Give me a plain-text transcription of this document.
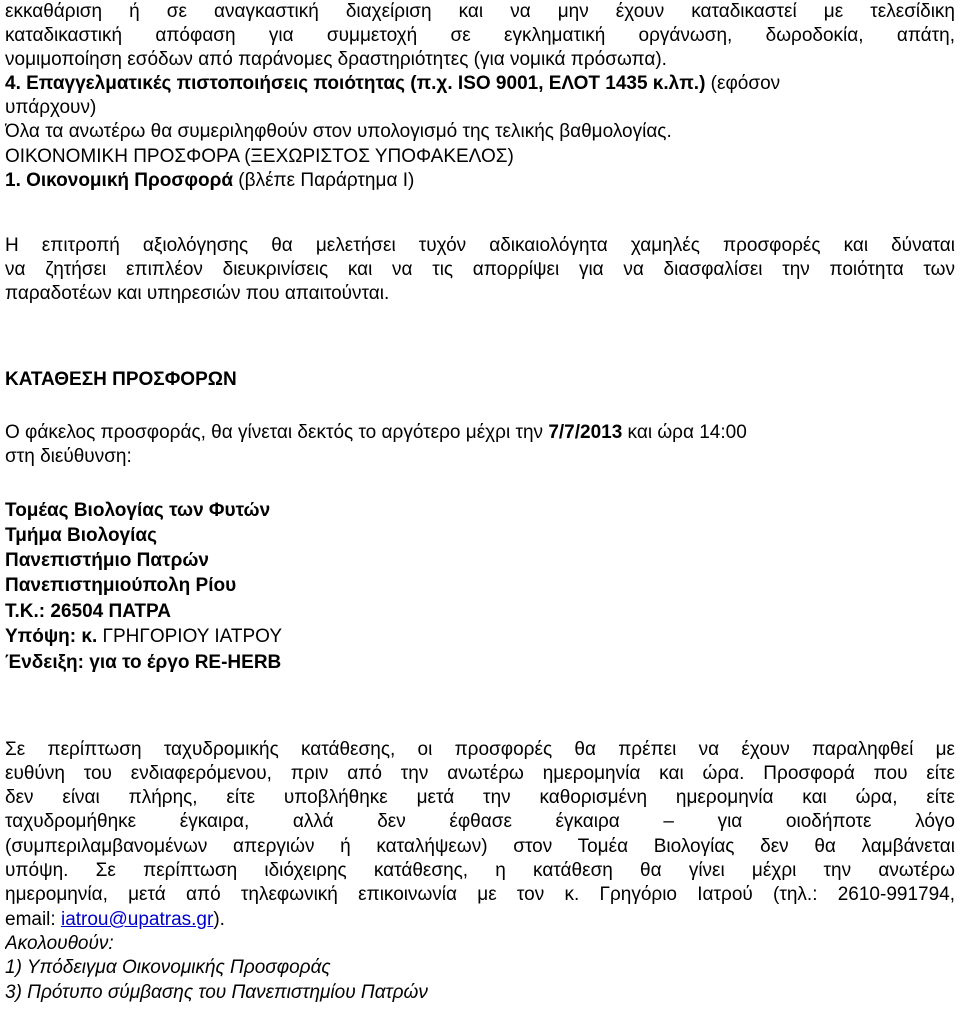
εκκαθάριση ή σε αναγκαστική διαχείριση και να μην έχουν καταδικαστεί με τελεσίδικη
καταδικαστική απόφαση για συμμετοχή σε εγκληματική οργάνωση, δωροδοκία, απάτη,
νομιμοποίηση εσόδων από παράνομες δραστηριότητες (για νομικά πρόσωπα).
4. Επαγγελματικές πιστοποιήσεις ποιότητας (π.χ. ISO 9001, ΕΛΟΤ 1435 κ.λπ.) (εφόσον
υπάρχουν)
Όλα τα ανωτέρω θα συμεριληφθούν στον υπολογισμό της τελικής βαθμολογίας.
ΟΙΚΟΝΟΜΙΚΗ ΠΡΟΣΦΟΡΑ (ΞΕΧΩΡΙΣΤΟΣ ΥΠΟΦΑΚΕΛΟΣ)
1. Οικονομική Προσφορά (βλέπε Παράρτημα Ι)
Η επιτροπή αξιολόγησης θα μελετήσει τυχόν αδικαιολόγητα χαμηλές προσφορές και δύναται
να ζητήσει επιπλέον διευκρινίσεις και να τις απορρίψει για να διασφαλίσει την ποιότητα των
παραδοτέων και υπηρεσιών που απαιτούνται.
ΚΑΤΑΘΕΣΗ ΠΡΟΣΦΟΡΩΝ
Ο φάκελος προσφοράς, θα γίνεται δεκτός το αργότερο μέχρι την 7/7/2013 και ώρα 14:00
στη διεύθυνση:
Τομέας Βιολογίας των Φυτών
Τμήμα Βιολογίας
Πανεπιστήμιο Πατρών
Πανεπιστημιούπολη Ρίου
Τ.Κ.: 26504 ΠΑΤΡΑ
Υπόψη: κ. ΓΡΗΓΟΡΙΟΥ ΙΑΤΡΟΥ
Ένδειξη: για το έργο RE-HERB
Σε περίπτωση ταχυδρομικής κατάθεσης, οι προσφορές θα πρέπει να έχουν παραληφθεί με
ευθύνη του ενδιαφερόμενου, πριν από την ανωτέρω ημερομηνία και ώρα. Προσφορά που είτε
δεν είναι πλήρης, είτε υποβλήθηκε μετά την καθορισμένη ημερομηνία και ώρα, είτε
ταχυδρομήθηκε έγκαιρα, αλλά δεν έφθασε έγκαιρα – για οιοδήποτε λόγο
(συμπεριλαμβανομένων απεργιών ή καταλήψεων) στον Τομέα Βιολογίας δεν θα λαμβάνεται
υπόψη. Σε περίπτωση ιδιόχειρης κατάθεσης, η κατάθεση θα γίνει μέχρι την ανωτέρω
ημερομηνία, μετά από τηλεφωνική επικοινωνία με τον κ. Γρηγόριο Ιατρού (τηλ.: 2610-991794,
email: iatrou@upatras.gr).
Ακολουθούν:
1) Υπόδειγμα Οικονομικής Προσφοράς
3) Πρότυπο σύμβασης του Πανεπιστημίου Πατρών
